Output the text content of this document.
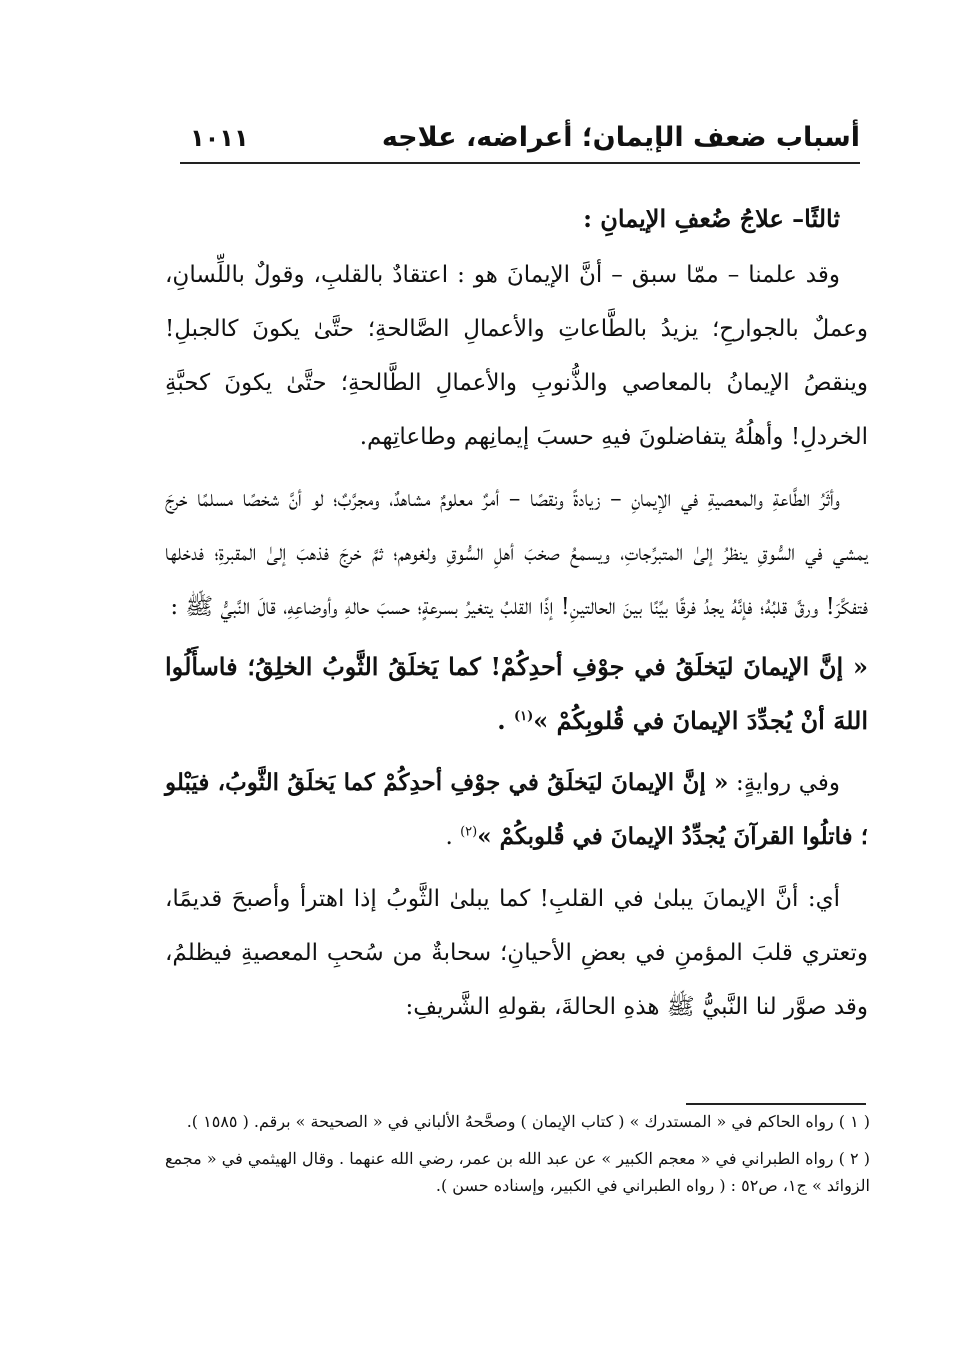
أسباب ضعف الإيمان؛ أعراضه، علاجه
١٠١١

ثالثًا– علاجُ ضُعفِ الإيمانِ :

وقد علمنا – ممّا سبق – أنَّ الإيمانَ هو : اعتقادٌ بالقلبِ، وقولٌ باللِّسانِ، وعملٌ بالجوارحِ؛ يزيدُ بالطَّاعاتِ والأعمالِ الصَّالحةِ؛ حتَّىٰ يكونَ كالجبلِ! وينقصُ الإيمانُ بالمعاصي والذُّنوبِ والأعمالِ الطَّالحةِ؛ حتَّىٰ يكونَ كحبَّةِ الخردلِ! وأهلُهُ يتفاضلونَ فيهِ حسبَ إيمانِهم وطاعاتِهم.

وأثَرُ الطَّاعةِ والمعصيةِ في الإيمانِ – زيادةً ونقصًا – أمرٌ معلومٌ مشاهدٌ، ومجرَّبٌ؛ لو أنَّ شخصًا مسلمًا خرجَ يمشي في السُّوقِ ينظرُ إلىٰ المتبرِّجاتِ، ويسمعُ صخبَ أهلِ السُّوقِ ولغوهم؛ ثمَّ خرجَ فذهبَ إلىٰ المقبرةِ؛ فدخلها فتفكَّرَ! ورقَّ قلبُهُ؛ فإنَّهُ يجدُ فرقًا بيِّنًا بينَ الحالتينِ! إذًا القلبُ يتغيرُ بسرعةٍ؛ حسبَ حالهِ وأوضاعِهِ، قالَ النَّبيُّ ﷺ :

« إنَّ الإيمانَ ليَخلَقُ في جوْفِ أحدِكُمْ! كما يَخلَقُ الثَّوبُ الخلِقُ؛ فاسأَلُوا اللهَ أنْ يُجدِّدَ الإيمانَ في قُلوبِكُمْ »$^{(١)}$ .

وفي روايةٍ: « إنَّ الإيمانَ ليَخلَقُ في جوْفِ أحدِكُمْ كما يَخلَقُ الثَّوبُ، فيَبْلو ؛ فاتلُوا القرآنَ يُجدِّدُ الإيمانَ في قُلوبكُمْ »$^{(٢)}$ .

أي: أنَّ الإيمانَ يبلىٰ في القلبِ! كما يبلىٰ الثَّوبُ إذا اهترأ وأصبحَ قديمًا، وتعتري قلبَ المؤمنِ في بعضِ الأحيانِ؛ سحابةٌ من سُحبِ المعصيةِ فيظلمُ، وقد صوَّر لنا النَّبيُّ ﷺ هذهِ الحالةَ، بقولهِ الشَّريفِ:

( ١ ) رواه الحاكم في « المستدرك » ( كتاب الإيمان ) وصحَّحهُ الألباني في « الصحيحة » برقم. ( ١٥٨٥ ).

( ٢ ) رواه الطبراني في « معجم الكبير » عن عبد الله بن عمر، رضي الله عنهما . وقال الهيثمي في « مجمع الزوائد » ج١، ص٥٢ : ( رواه الطبراني في الكبير، وإسناده حسن ).
